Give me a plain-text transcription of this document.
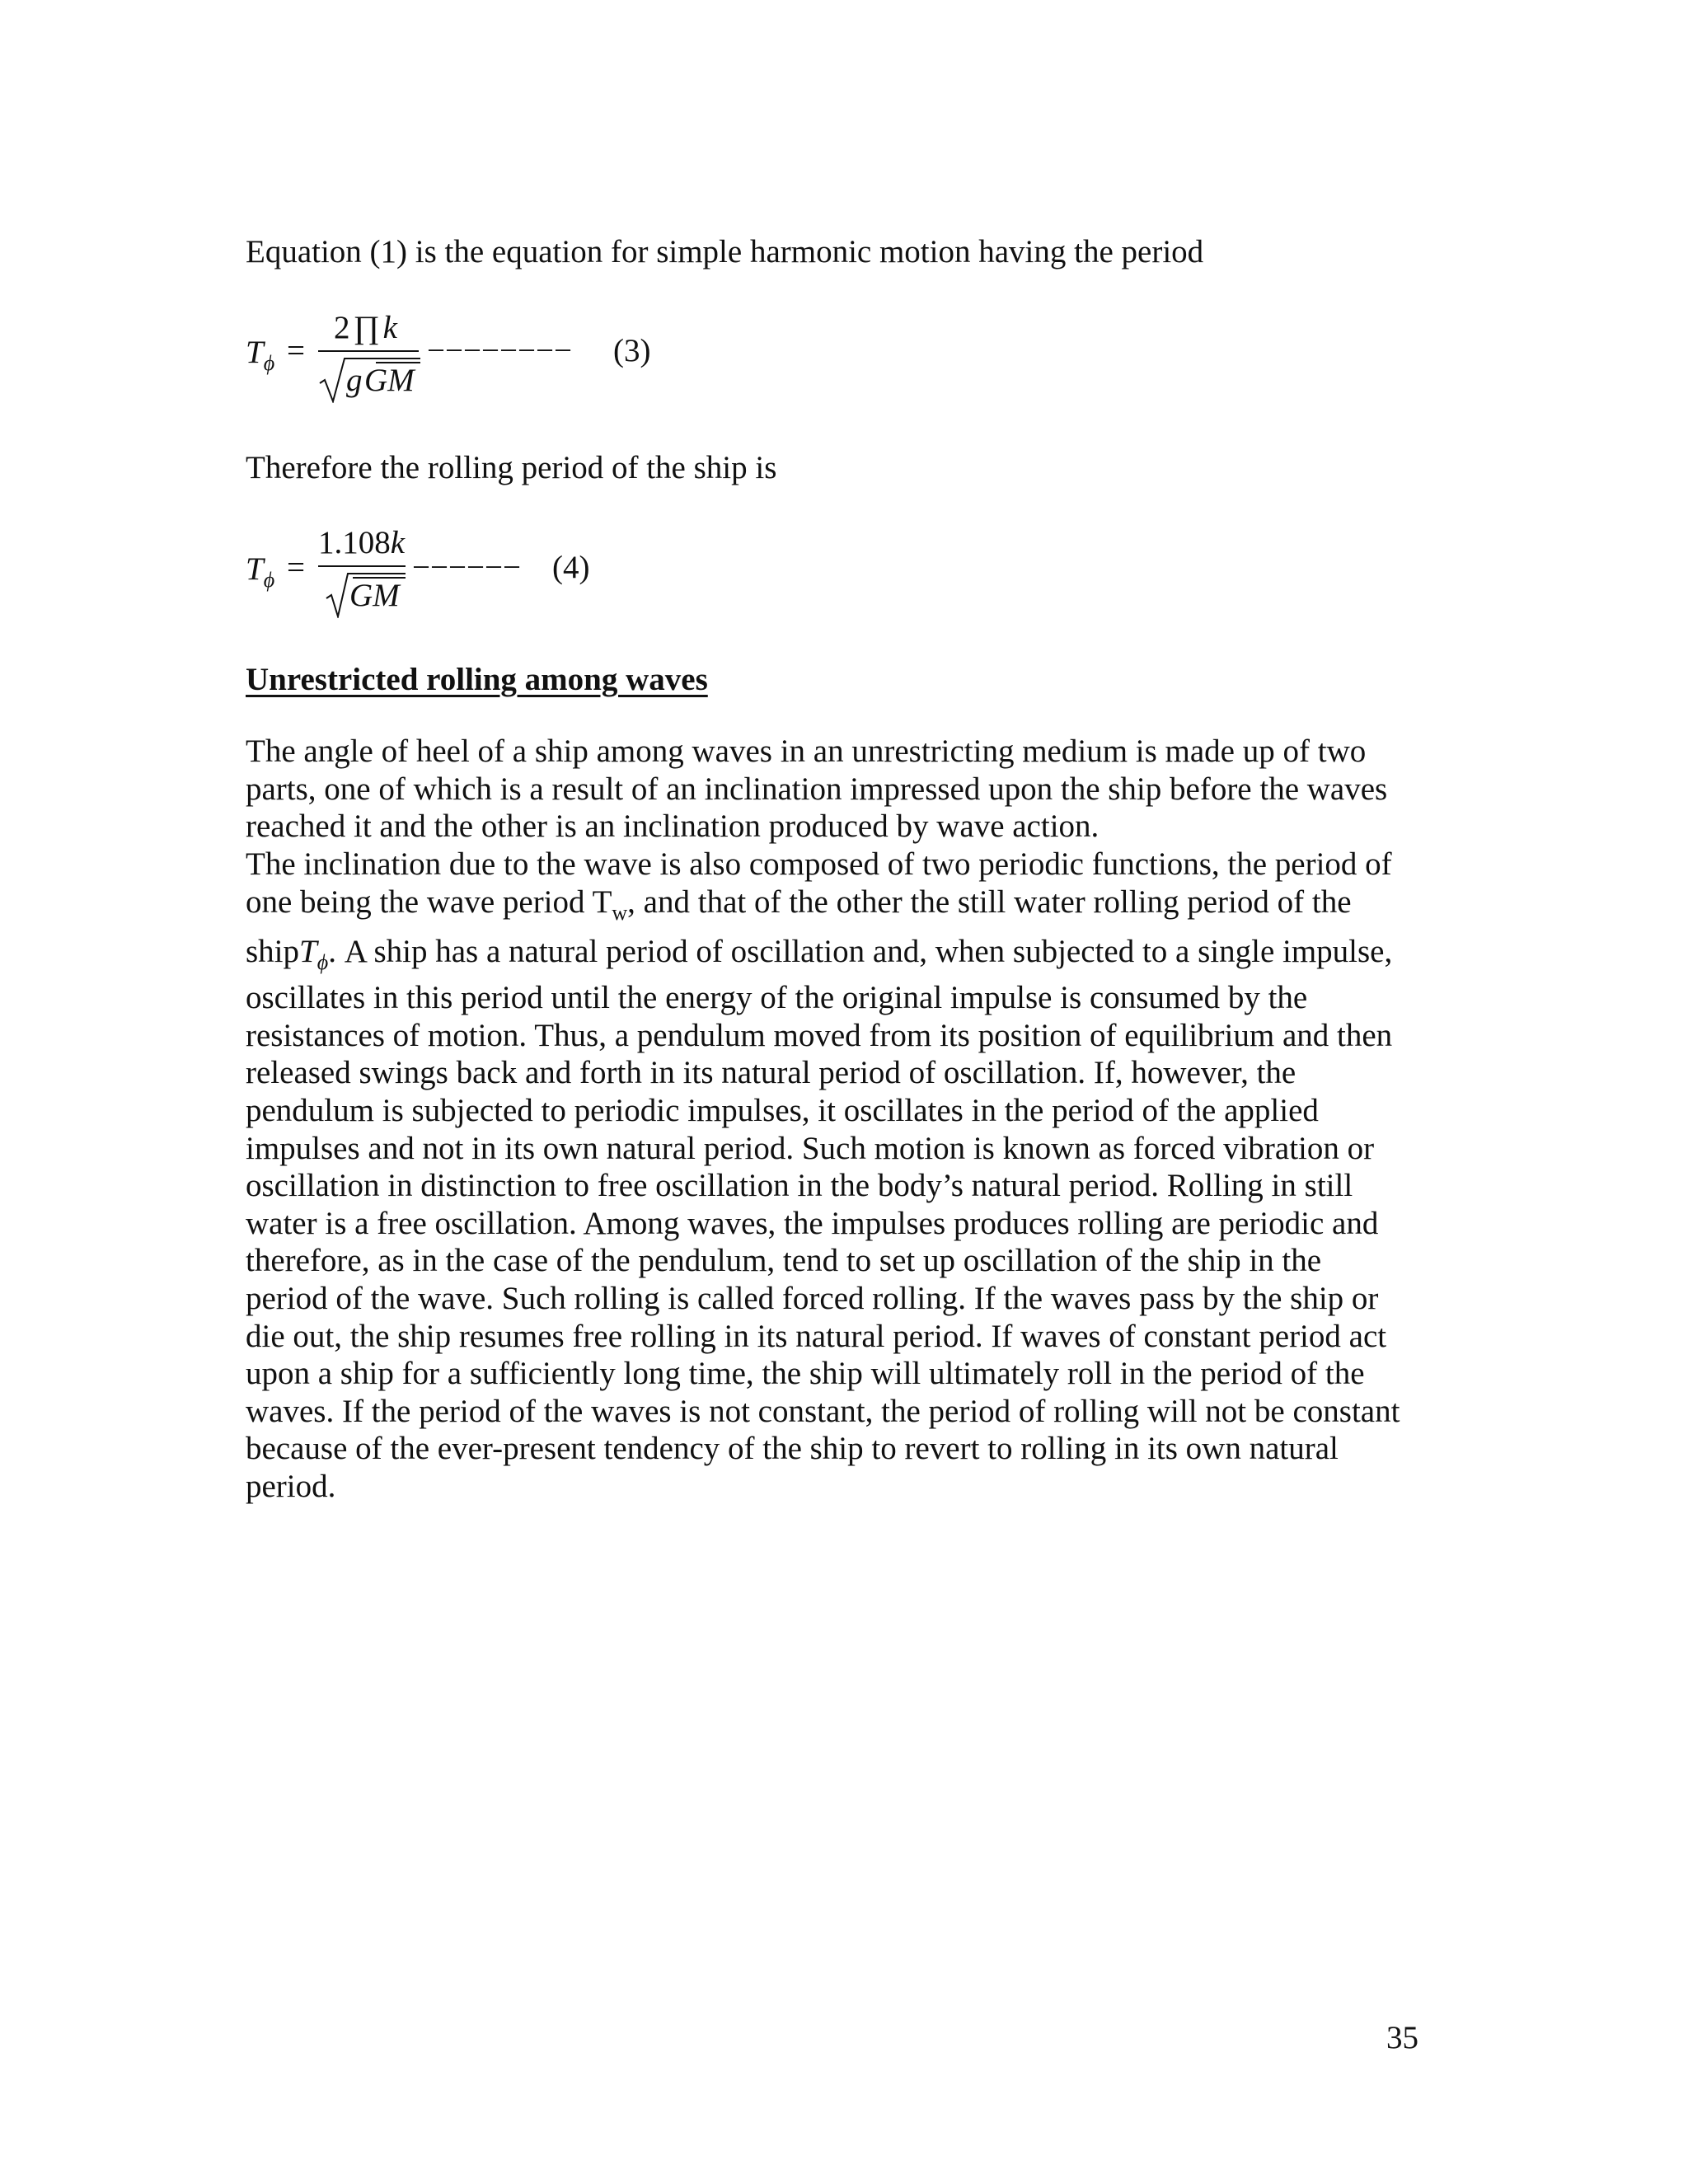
Equation (1) is the equation for simple harmonic motion having the period
$T_\phi$ =
2 ∏ k
g GM
−−−−−−−− (3)
Therefore the rolling period of the ship is
$T_\phi$ =
1.108k
GM
−−−−−− (4)
Unrestricted rolling among waves
The angle of heel of a ship among waves in an unrestricting medium is made up of two
parts, one of which is a result of an inclination impressed upon the ship before the waves
reached it and the other is an inclination produced by wave action.
The inclination due to the wave is also composed of two periodic functions, the period of
one being the wave period $T_w$, and that of the other the still water rolling period of the
shipT$_\phi$. A ship has a natural period of oscillation and, when subjected to a single impulse,
oscillates in this period until the energy of the original impulse is consumed by the
resistances of motion. Thus, a pendulum moved from its position of equilibrium and then
released swings back and forth in its natural period of oscillation. If, however, the
pendulum is subjected to periodic impulses, it oscillates in the period of the applied
impulses and not in its own natural period. Such motion is known as forced vibration or
oscillation in distinction to free oscillation in the body’s natural period. Rolling in still
water is a free oscillation. Among waves, the impulses produces rolling are periodic and
therefore, as in the case of the pendulum, tend to set up oscillation of the ship in the
period of the wave. Such rolling is called forced rolling. If the waves pass by the ship or
die out, the ship resumes free rolling in its natural period. If waves of constant period act
upon a ship for a sufficiently long time, the ship will ultimately roll in the period of the
waves. If the period of the waves is not constant, the period of rolling will not be constant
because of the ever-present tendency of the ship to revert to rolling in its own natural
period.
35
